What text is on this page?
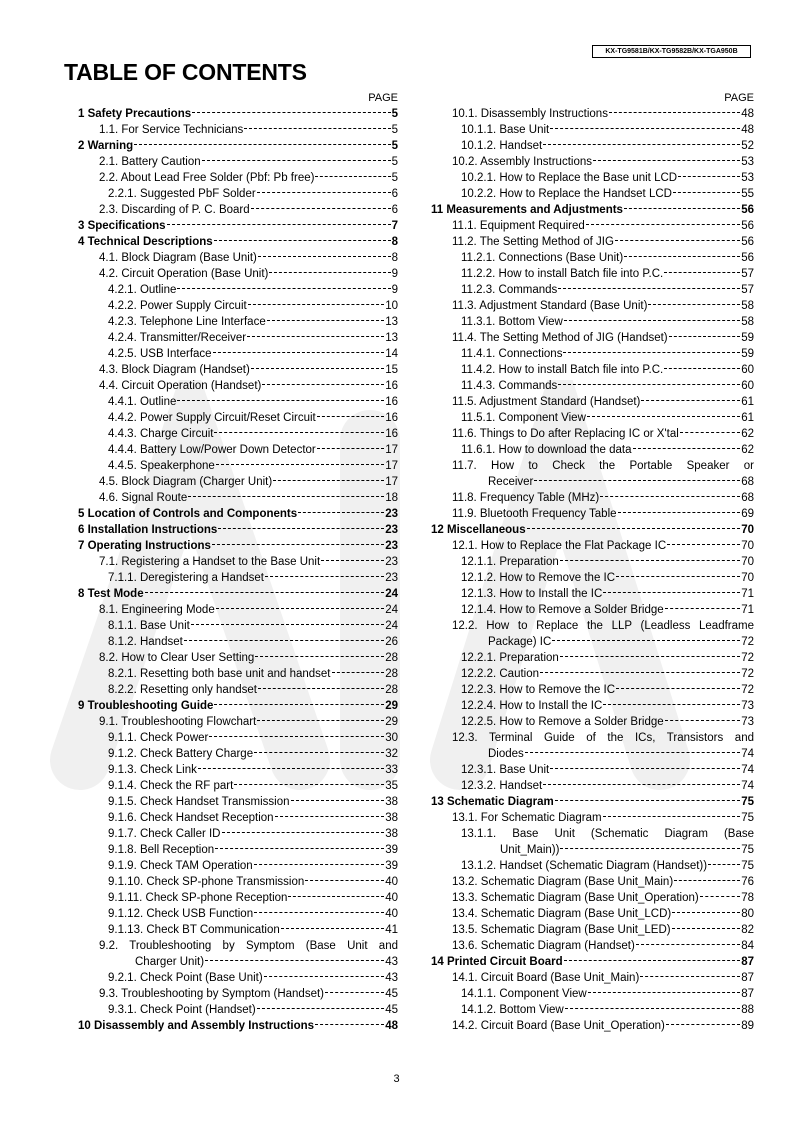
KX-TG9581B/KX-TG9582B/KX-TGA950B
TABLE OF CONTENTS
PAGE
1 Safety Precautions	5
1.1. For Service Technicians	5
2 Warning	5
2.1. Battery Caution	5
2.2. About Lead Free Solder (Pbf: Pb free)	5
2.2.1. Suggested PbF Solder	6
2.3. Discarding of P. C. Board	6
3 Specifications	7
4 Technical Descriptions	8
4.1. Block Diagram (Base Unit)	8
4.2. Circuit Operation (Base Unit)	9
4.2.1. Outline	9
4.2.2. Power Supply Circuit	10
4.2.3. Telephone Line Interface	13
4.2.4. Transmitter/Receiver	13
4.2.5. USB Interface	14
4.3. Block Diagram (Handset)	15
4.4. Circuit Operation (Handset)	16
4.4.1. Outline	16
4.4.2. Power Supply Circuit/Reset Circuit	16
4.4.3. Charge Circuit	16
4.4.4. Battery Low/Power Down Detector	17
4.4.5. Speakerphone	17
4.5. Block Diagram (Charger Unit)	17
4.6. Signal Route	18
5 Location of Controls and Components	23
6 Installation Instructions	23
7 Operating Instructions	23
7.1. Registering a Handset to the Base Unit	23
7.1.1. Deregistering a Handset	23
8 Test Mode	24
8.1. Engineering Mode	24
8.1.1. Base Unit	24
8.1.2. Handset	26
8.2. How to Clear User Setting	28
8.2.1. Resetting both base unit and handset	28
8.2.2. Resetting only handset	28
9 Troubleshooting Guide	29
9.1. Troubleshooting Flowchart	29
9.1.1. Check Power	30
9.1.2. Check Battery Charge	32
9.1.3. Check Link	33
9.1.4. Check the RF part	35
9.1.5. Check Handset Transmission	38
9.1.6. Check Handset Reception	38
9.1.7. Check Caller ID	38
9.1.8. Bell Reception	39
9.1.9. Check TAM Operation	39
9.1.10. Check SP-phone Transmission	40
9.1.11. Check SP-phone Reception	40
9.1.12. Check USB Function	40
9.1.13. Check BT Communication	41
9.2. Troubleshooting by Symptom (Base Unit and
Charger Unit)	43
9.2.1. Check Point (Base Unit)	43
9.3. Troubleshooting by Symptom (Handset)	45
9.3.1. Check Point (Handset)	45
10 Disassembly and Assembly Instructions	48
PAGE
10.1. Disassembly Instructions	48
10.1.1. Base Unit	48
10.1.2. Handset	52
10.2. Assembly Instructions	53
10.2.1. How to Replace the Base unit LCD	53
10.2.2. How to Replace the Handset LCD	55
11 Measurements and Adjustments	56
11.1. Equipment Required	56
11.2. The Setting Method of JIG	56
11.2.1. Connections (Base Unit)	56
11.2.2. How to install Batch file into P.C.	57
11.2.3. Commands	57
11.3. Adjustment Standard (Base Unit)	58
11.3.1. Bottom View	58
11.4. The Setting Method of JIG (Handset)	59
11.4.1. Connections	59
11.4.2. How to install Batch file into P.C.	60
11.4.3. Commands	60
11.5. Adjustment Standard (Handset)	61
11.5.1. Component View	61
11.6. Things to Do after Replacing IC or X'tal	62
11.6.1. How to download the data	62
11.7. How to Check the Portable Speaker or
Receiver	68
11.8. Frequency Table (MHz)	68
11.9. Bluetooth Frequency Table	69
12 Miscellaneous	70
12.1. How to Replace the Flat Package IC	70
12.1.1. Preparation	70
12.1.2. How to Remove the IC	70
12.1.3. How to Install the IC	71
12.1.4. How to Remove a Solder Bridge	71
12.2. How to Replace the LLP (Leadless Leadframe
Package) IC	72
12.2.1. Preparation	72
12.2.2. Caution	72
12.2.3. How to Remove the IC	72
12.2.4. How to Install the IC	73
12.2.5. How to Remove a Solder Bridge	73
12.3. Terminal Guide of the ICs, Transistors and
Diodes	74
12.3.1. Base Unit	74
12.3.2. Handset	74
13 Schematic Diagram	75
13.1. For Schematic Diagram	75
13.1.1. Base Unit (Schematic Diagram (Base
Unit_Main))	75
13.1.2. Handset (Schematic Diagram (Handset))	75
13.2. Schematic Diagram (Base Unit_Main)	76
13.3. Schematic Diagram (Base Unit_Operation)	78
13.4. Schematic Diagram (Base Unit_LCD)	80
13.5. Schematic Diagram (Base Unit_LED)	82
13.6. Schematic Diagram (Handset)	84
14 Printed Circuit Board	87
14.1. Circuit Board (Base Unit_Main)	87
14.1.1. Component View	87
14.1.2. Bottom View	88
14.2. Circuit Board (Base Unit_Operation)	89
3
